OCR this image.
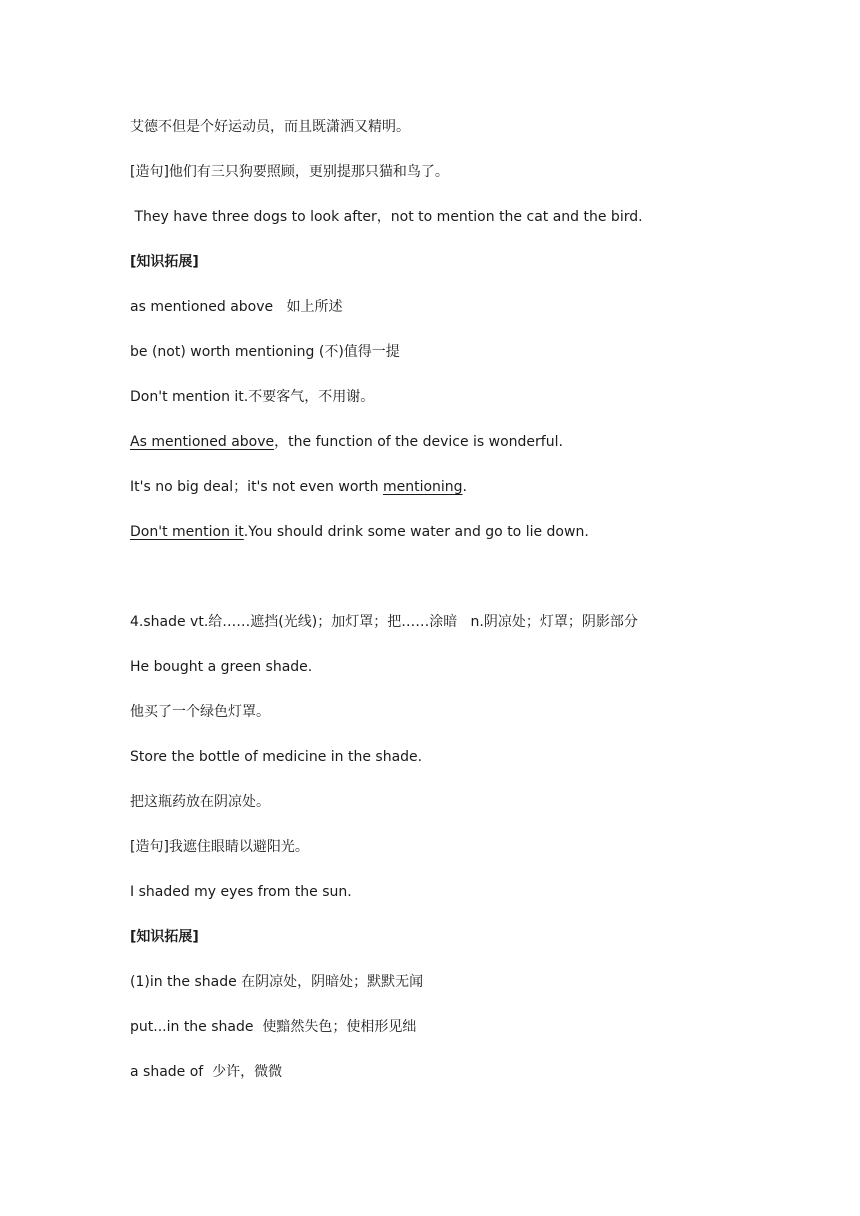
艾德不但是个好运动员，而且既潇洒又精明。
[造句]他们有三只狗要照顾，更别提那只猫和鸟了。
They have three dogs to look after，not to mention the cat and the bird.
[知识拓展]
as mentioned above   如上所述
be (not) worth mentioning (不)值得一提
Don't mention it.不要客气，不用谢。
As mentioned above，the function of the device is wonderful.
It's no big deal；it's not even worth mentioning.
Don't mention it.You should drink some water and go to lie down.
4.shade vt.给……遮挡(光线)；加灯罩；把……涂暗   n.阴凉处；灯罩；阴影部分
He bought a green shade.
他买了一个绿色灯罩。
Store the bottle of medicine in the shade.
把这瓶药放在阴凉处。
[造句]我遮住眼睛以避阳光。
I shaded my eyes from the sun.
[知识拓展]
(1)in the shade 在阴凉处，阴暗处；默默无闻
put...in the shade  使黯然失色；使相形见绌
a shade of  少许，微微
